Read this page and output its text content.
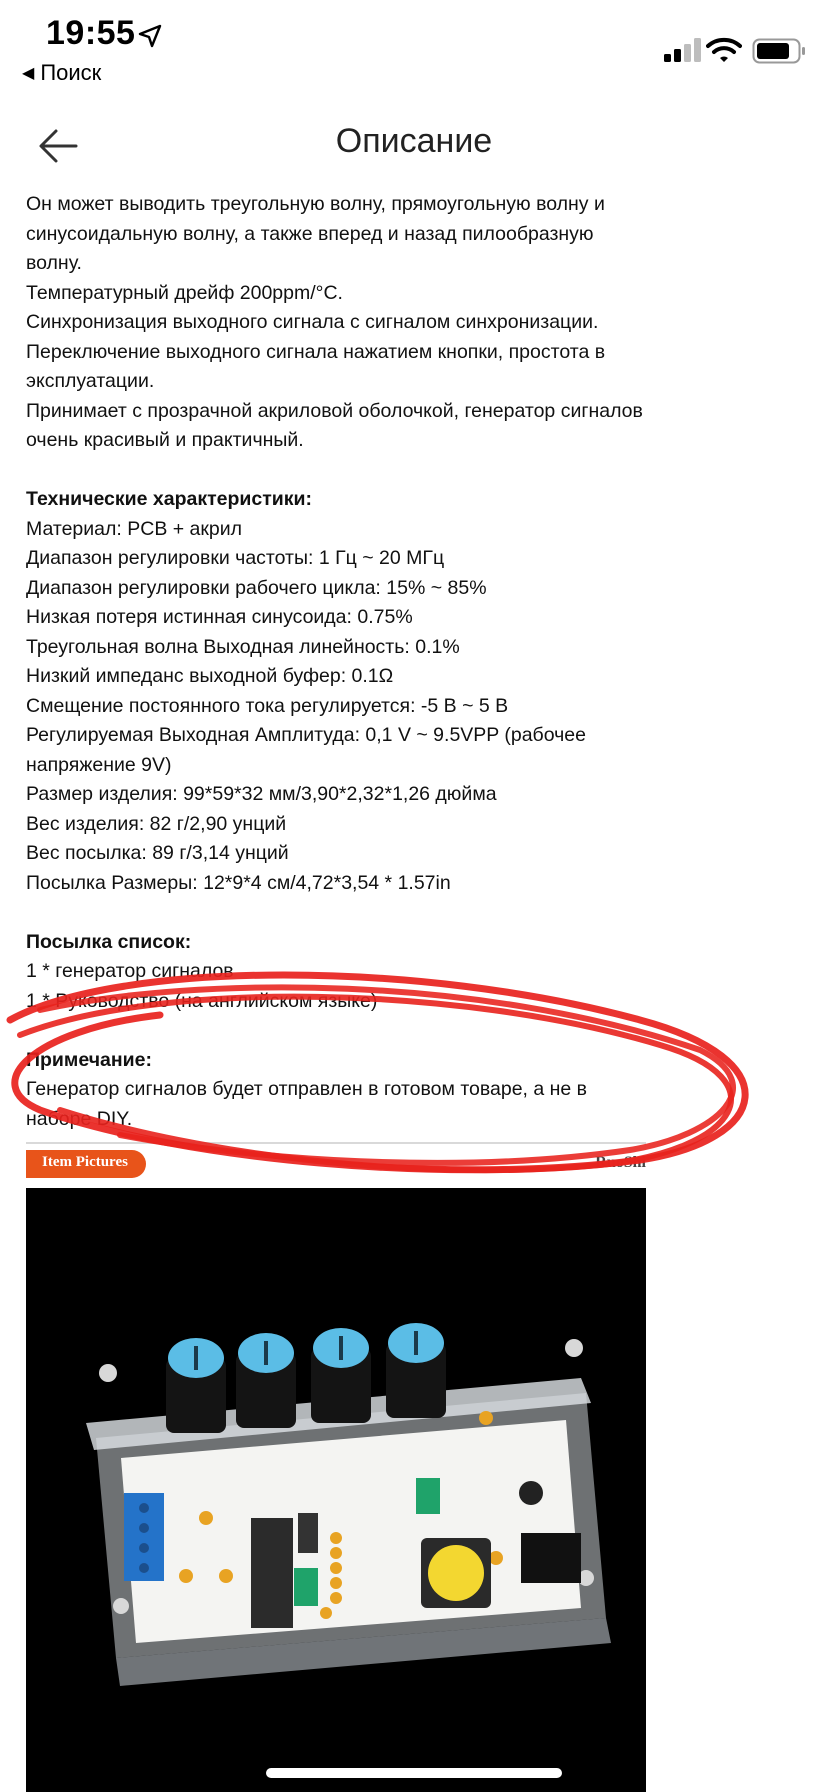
19:55
◀ Поиск
Описание

Он может выводить треугольную волну, прямоугольную волну и

синусоидальную волну, а также вперед и назад пилообразную

волну.

Температурный дрейф 200ppm/°C.

Синхронизация выходного сигнала с сигналом синхронизации.

Переключение выходного сигнала нажатием кнопки, простота в

эксплуатации.

Принимает с прозрачной акриловой оболочкой, генератор сигналов

очень красивый и практичный.

Технические характеристики:

Материал: PCB + акрил

Диапазон регулировки частоты: 1 Гц ~ 20 МГц

Диапазон регулировки рабочего цикла: 15% ~ 85%

Низкая потеря истинная синусоида: 0.75%

Треугольная волна Выходная линейность: 0.1%

Низкий импеданс выходной буфер: 0.1Ω

Смещение постоянного тока регулируется: -5 В ~ 5 В

Регулируемая Выходная Амплитуда: 0,1 V ~ 9.5VPP (рабочее

напряжение 9V)

Размер изделия: 99*59*32 мм/3,90*2,32*1,26 дюйма

Вес изделия: 82 г/2,90 унций

Вес посылка: 89 г/3,14 унций

Посылка Размеры: 12*9*4 см/4,72*3,54 * 1.57in

Посылка список:

1 * генератор сигналов

1 * Руководство (на английском языке)

Примечание:

Генератор сигналов будет отправлен в готовом товаре, а не в

наборе DIY.

Item Pictures	RuoShi
